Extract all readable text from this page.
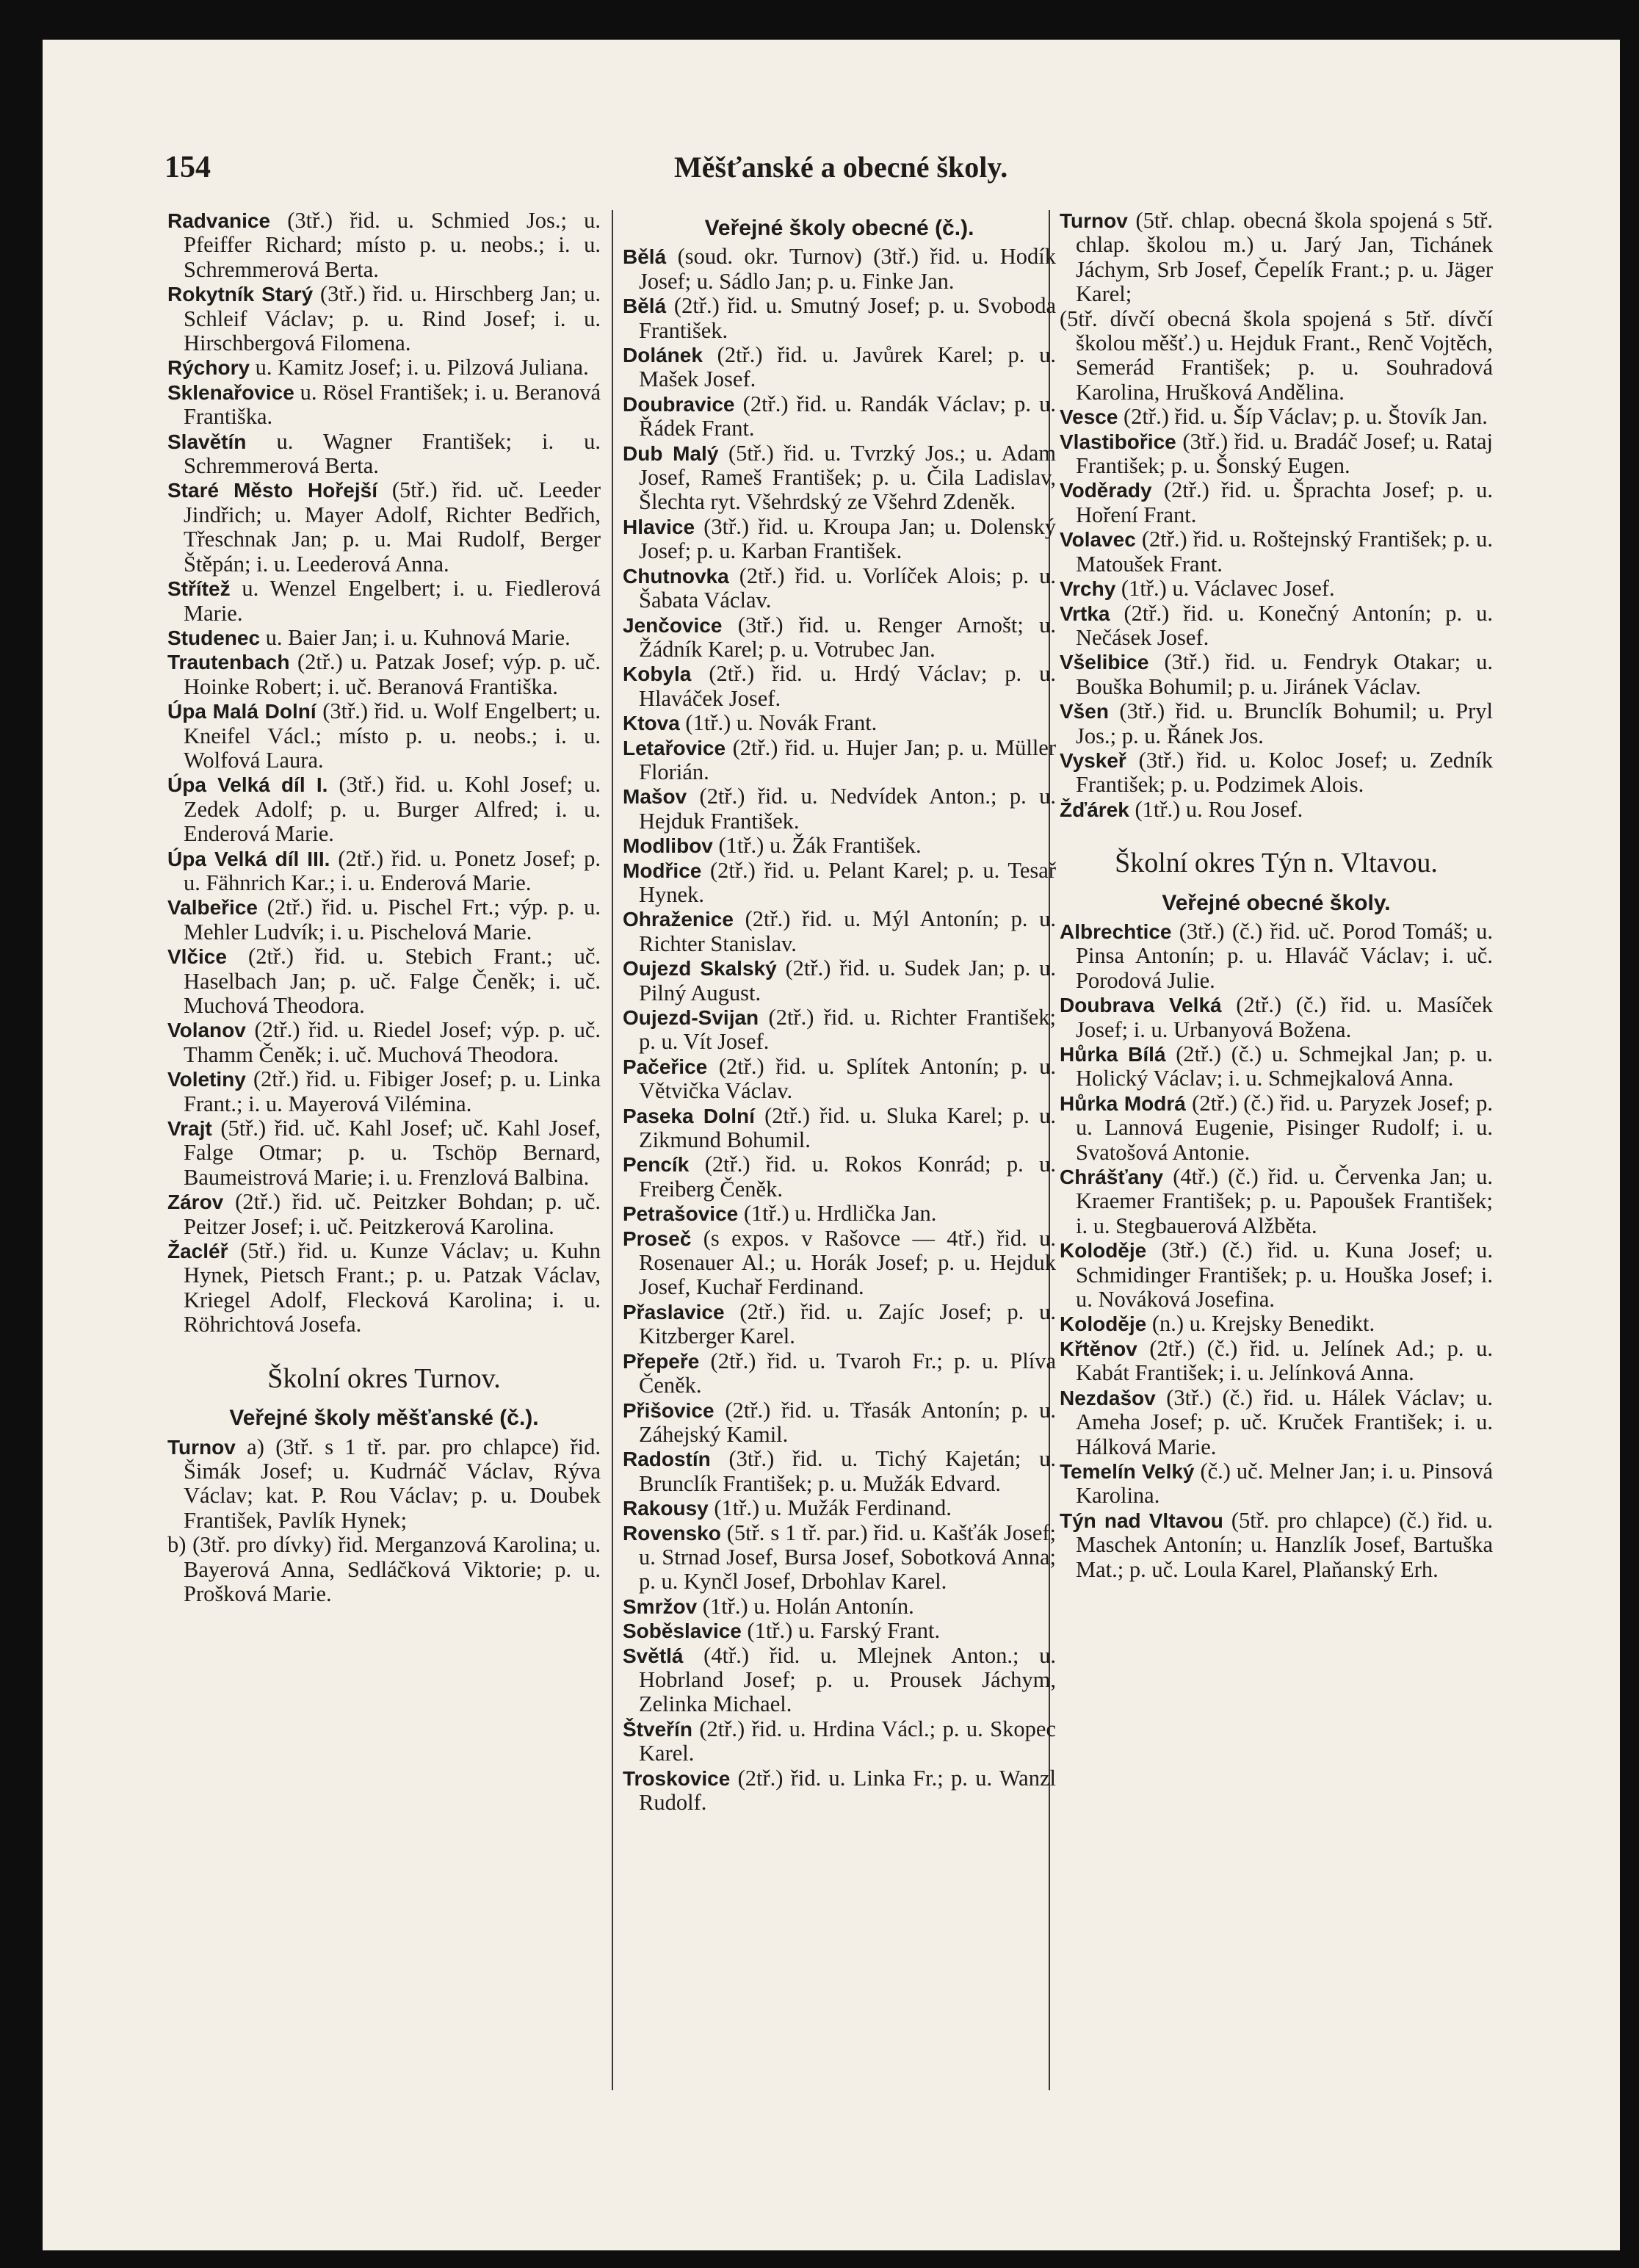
154	Měšťanské a obecné školy.

Radvanice (3tř.) řid. u. Schmied Jos.; u. Pfeiffer Richard; místo p. u. neobs.; i. u. Schremmerová Berta.

Rokytník Starý (3tř.) řid. u. Hirschberg Jan; u. Schleif Václav; p. u. Rind Josef; i. u. Hirschbergová Filomena.

Rýchory u. Kamitz Josef; i. u. Pilzová Juliana.

Sklenařovice u. Rösel František; i. u. Beranová Františka.

Slavětín u. Wagner František; i. u. Schremmerová Berta.

Staré Město Hořejší (5tř.) řid. uč. Leeder Jindřich; u. Mayer Adolf, Richter Bedřich, Třeschnak Jan; p. u. Mai Rudolf, Berger Štěpán; i. u. Leederová Anna.

Střítež u. Wenzel Engelbert; i. u. Fiedlerová Marie.

Studenec u. Baier Jan; i. u. Kuhnová Marie.

Trautenbach (2tř.) u. Patzak Josef; výp. p. uč. Hoinke Robert; i. uč. Beranová Františka.

Úpa Malá Dolní (3tř.) řid. u. Wolf Engelbert; u. Kneifel Václ.; místo p. u. neobs.; i. u. Wolfová Laura.

Úpa Velká díl I. (3tř.) řid. u. Kohl Josef; u. Zedek Adolf; p. u. Burger Alfred; i. u. Enderová Marie.

Úpa Velká díl III. (2tř.) řid. u. Ponetz Josef; p. u. Fähnrich Kar.; i. u. Enderová Marie.

Valbeřice (2tř.) řid. u. Pischel Frt.; výp. p. u. Mehler Ludvík; i. u. Pischelová Marie.

Vlčice (2tř.) řid. u. Stebich Frant.; uč. Haselbach Jan; p. uč. Falge Čeněk; i. uč. Muchová Theodora.

Volanov (2tř.) řid. u. Riedel Josef; výp. p. uč. Thamm Čeněk; i. uč. Muchová Theodora.

Voletiny (2tř.) řid. u. Fibiger Josef; p. u. Linka Frant.; i. u. Mayerová Vilémina.

Vrajt (5tř.) řid. uč. Kahl Josef; uč. Kahl Josef, Falge Otmar; p. u. Tschöp Bernard, Baumeistrová Marie; i. u. Frenzlová Balbina.

Zárov (2tř.) řid. uč. Peitzker Bohdan; p. uč. Peitzer Josef; i. uč. Peitzkerová Karolina.

Žacléř (5tř.) řid. u. Kunze Václav; u. Kuhn Hynek, Pietsch Frant.; p. u. Patzak Václav, Kriegel Adolf, Flecková Karolina; i. u. Röhrichtová Josefa.

Školní okres Turnov.
Veřejné školy měšťanské (č.).

Turnov a) (3tř. s 1 tř. par. pro chlapce) řid. Šimák Josef; u. Kudrnáč Václav, Rýva Václav; kat. P. Rou Václav; p. u. Doubek František, Pavlík Hynek;

b) (3tř. pro dívky) řid. Merganzová Karolina; u. Bayerová Anna, Sedláčková Viktorie; p. u. Prošková Marie.

Veřejné školy obecné (č.).

Bělá (soud. okr. Turnov) (3tř.) řid. u. Hodík Josef; u. Sádlo Jan; p. u. Finke Jan.

Bělá (2tř.) řid. u. Smutný Josef; p. u. Svoboda František.

Dolánek (2tř.) řid. u. Javůrek Karel; p. u. Mašek Josef.

Doubravice (2tř.) řid. u. Randák Václav; p. u. Řádek Frant.

Dub Malý (5tř.) řid. u. Tvrzký Jos.; u. Adam Josef, Rameš František; p. u. Čila Ladislav, Šlechta ryt. Všehrdský ze Všehrd Zdeněk.

Hlavice (3tř.) řid. u. Kroupa Jan; u. Dolenský Josef; p. u. Karban František.

Chutnovka (2tř.) řid. u. Vorlíček Alois; p. u. Šabata Václav.

Jenčovice (3tř.) řid. u. Renger Arnošt; u. Žádník Karel; p. u. Votrubec Jan.

Kobyla (2tř.) řid. u. Hrdý Václav; p. u. Hlaváček Josef.

Ktova (1tř.) u. Novák Frant.

Letařovice (2tř.) řid. u. Hujer Jan; p. u. Müller Florián.

Mašov (2tř.) řid. u. Nedvídek Anton.; p. u. Hejduk František.

Modlibov (1tř.) u. Žák František.

Modřice (2tř.) řid. u. Pelant Karel; p. u. Tesař Hynek.

Ohraženice (2tř.) řid. u. Mýl Antonín; p. u. Richter Stanislav.

Oujezd Skalský (2tř.) řid. u. Sudek Jan; p. u. Pilný August.

Oujezd-Svijan (2tř.) řid. u. Richter František; p. u. Vít Josef.

Pačeřice (2tř.) řid. u. Splítek Antonín; p. u. Větvička Václav.

Paseka Dolní (2tř.) řid. u. Sluka Karel; p. u. Zikmund Bohumil.

Pencík (2tř.) řid. u. Rokos Konrád; p. u. Freiberg Čeněk.

Petrašovice (1tř.) u. Hrdlička Jan.

Proseč (s expos. v Rašovce — 4tř.) řid. u. Rosenauer Al.; u. Horák Josef; p. u. Hejduk Josef, Kuchař Ferdinand.

Přaslavice (2tř.) řid. u. Zajíc Josef; p. u. Kitzberger Karel.

Přepeře (2tř.) řid. u. Tvaroh Fr.; p. u. Plíva Čeněk.

Přišovice (2tř.) řid. u. Třasák Antonín; p. u. Záhejský Kamil.

Radostín (3tř.) řid. u. Tichý Kajetán; u. Brunclík František; p. u. Mužák Edvard.

Rakousy (1tř.) u. Mužák Ferdinand.

Rovensko (5tř. s 1 tř. par.) řid. u. Kašťák Josef; u. Strnad Josef, Bursa Josef, Sobotková Anna; p. u. Kynčl Josef, Drbohlav Karel.

Smržov (1tř.) u. Holán Antonín.

Soběslavice (1tř.) u. Farský Frant.

Světlá (4tř.) řid. u. Mlejnek Anton.; u. Hobrland Josef; p. u. Prousek Jáchym, Zelinka Michael.

Štveřín (2tř.) řid. u. Hrdina Václ.; p. u. Skopec Karel.

Troskovice (2tř.) řid. u. Linka Fr.; p. u. Wanzl Rudolf.

Turnov (5tř. chlap. obecná škola spojená s 5tř. chlap. školou m.) u. Jarý Jan, Tichánek Jáchym, Srb Josef, Čepelík Frant.; p. u. Jäger Karel;

(5tř. dívčí obecná škola spojená s 5tř. dívčí školou měšť.) u. Hejduk Frant., Renč Vojtěch, Semerád František; p. u. Souhradová Karolina, Hrušková Andělina.

Vesce (2tř.) řid. u. Šíp Václav; p. u. Štovík Jan.

Vlastibořice (3tř.) řid. u. Bradáč Josef; u. Rataj František; p. u. Šonský Eugen.

Voděrady (2tř.) řid. u. Šprachta Josef; p. u. Hoření Frant.

Volavec (2tř.) řid. u. Roštejnský František; p. u. Matoušek Frant.

Vrchy (1tř.) u. Václavec Josef.

Vrtka (2tř.) řid. u. Konečný Antonín; p. u. Nečásek Josef.

Všelibice (3tř.) řid. u. Fendryk Otakar; u. Bouška Bohumil; p. u. Jiránek Václav.

Všen (3tř.) řid. u. Brunclík Bohumil; u. Pryl Jos.; p. u. Řánek Jos.

Vyskeř (3tř.) řid. u. Koloc Josef; u. Zedník František; p. u. Podzimek Alois.

Žďárek (1tř.) u. Rou Josef.

Školní okres Týn n. Vltavou.
Veřejné obecné školy.

Albrechtice (3tř.) (č.) řid. uč. Porod Tomáš; u. Pinsa Antonín; p. u. Hlaváč Václav; i. uč. Porodová Julie.

Doubrava Velká (2tř.) (č.) řid. u. Masíček Josef; i. u. Urbanyová Božena.

Hůrka Bílá (2tř.) (č.) u. Schmejkal Jan; p. u. Holický Václav; i. u. Schmejkalová Anna.

Hůrka Modrá (2tř.) (č.) řid. u. Paryzek Josef; p. u. Lannová Eugenie, Pisinger Rudolf; i. u. Svatošová Antonie.

Chrášťany (4tř.) (č.) řid. u. Červenka Jan; u. Kraemer František; p. u. Papoušek František; i. u. Stegbauerová Alžběta.

Koloděje (3tř.) (č.) řid. u. Kuna Josef; u. Schmidinger František; p. u. Houška Josef; i. u. Nováková Josefina.

Koloděje (n.) u. Krejsky Benedikt.

Křtěnov (2tř.) (č.) řid. u. Jelínek Ad.; p. u. Kabát František; i. u. Jelínková Anna.

Nezdašov (3tř.) (č.) řid. u. Hálek Václav; u. Ameha Josef; p. uč. Kruček František; i. u. Hálková Marie.

Temelín Velký (č.) uč. Melner Jan; i. u. Pinsová Karolina.

Týn nad Vltavou (5tř. pro chlapce) (č.) řid. u. Maschek Antonín; u. Hanzlík Josef, Bartuška Mat.; p. uč. Loula Karel, Plaňanský Erh.
